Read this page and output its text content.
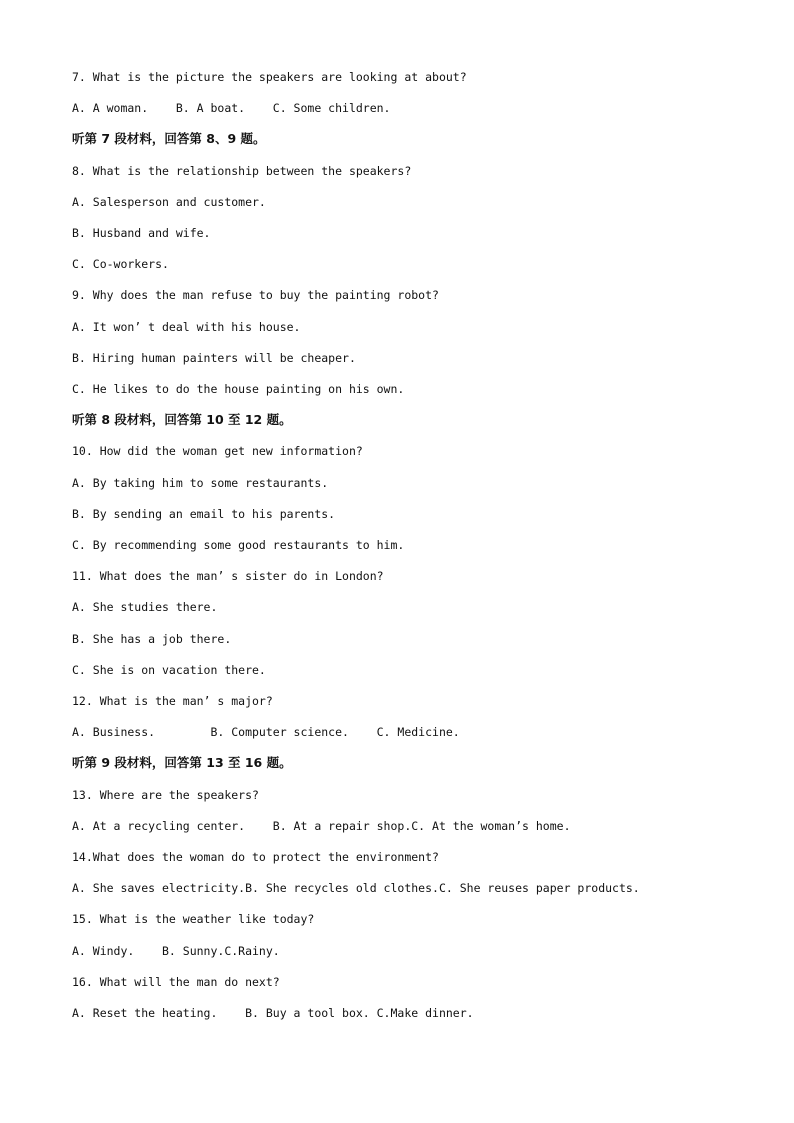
7. What is the picture the speakers are looking at about?

A. A woman.    B. A boat.    C. Some children.

听第 7 段材料，回答第 8、9 题。

8. What is the relationship between the speakers?

A. Salesperson and customer.

B. Husband and wife.

C. Co-workers.

9. Why does the man refuse to buy the painting robot?

A. It won’ t deal with his house.

B. Hiring human painters will be cheaper.

C. He likes to do the house painting on his own.

听第 8 段材料，回答第 10 至 12 题。

10. How did the woman get new information?

A. By taking him to some restaurants.

B. By sending an email to his parents.

C. By recommending some good restaurants to him.

11. What does the man’ s sister do in London?

A. She studies there.

B. She has a job there.

C. She is on vacation there.

12. What is the man’ s major?

A. Business.        B. Computer science.    C. Medicine.

听第 9 段材料，回答第 13 至 16 题。

13. Where are the speakers?

A. At a recycling center.    B. At a repair shop.C. At the woman’s home.

14.What does the woman do to protect the environment?

A. She saves electricity.B. She recycles old clothes.C. She reuses paper products.

15. What is the weather like today?

A. Windy.    B. Sunny.C.Rainy.

16. What will the man do next?

A. Reset the heating.    B. Buy a tool box. C.Make dinner.
